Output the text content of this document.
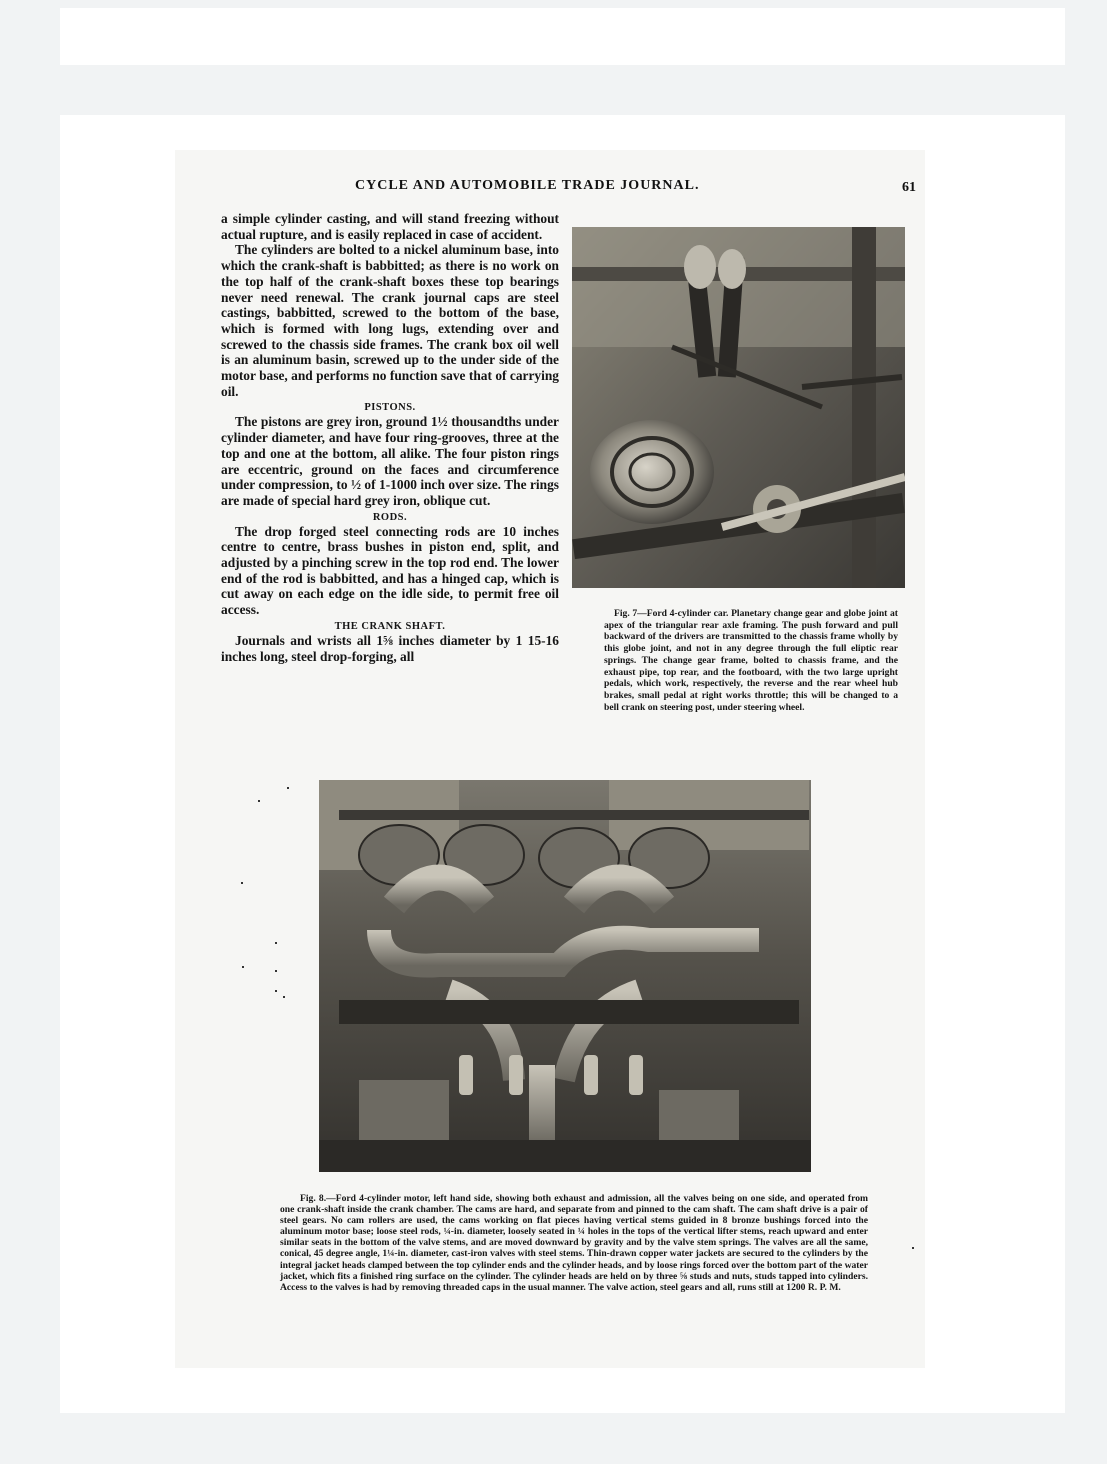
CYCLE AND AUTOMOBILE TRADE JOURNAL.	61

a simple cylinder casting, and will stand freezing without actual rupture, and is easily replaced in case of accident.

The cylinders are bolted to a nickel aluminum base, into which the crank-shaft is babbitted; as there is no work on the top half of the crank-shaft boxes these top bearings never need renewal. The crank journal caps are steel castings, babbitted, screwed to the bottom of the base, which is formed with long lugs, extending over and screwed to the chassis side frames. The crank box oil well is an aluminum basin, screwed up to the under side of the motor base, and performs no function save that of carrying oil.

PISTONS.

The pistons are grey iron, ground 1½ thousandths under cylinder diameter, and have four ring-grooves, three at the top and one at the bottom, all alike. The four piston rings are eccentric, ground on the faces and circumference under compression, to ½ of 1-1000 inch over size. The rings are made of special hard grey iron, oblique cut.

RODS.

The drop forged steel connecting rods are 10 inches centre to centre, brass bushes in piston end, split, and adjusted by a pinching screw in the top rod end. The lower end of the rod is babbitted, and has a hinged cap, which is cut away on each edge on the idle side, to permit free oil access.

THE CRANK SHAFT.

Journals and wrists all 1⅝ inches diameter by 1 15-16 inches long, steel drop-forging, all

Fig. 7—Ford 4-cylinder car. Planetary change gear and globe joint at apex of the triangular rear axle framing. The push forward and pull backward of the drivers are transmitted to the chassis frame wholly by this globe joint, and not in any degree through the full eliptic rear springs. The change gear frame, bolted to chassis frame, and the exhaust pipe, top rear, and the footboard, with the two large upright pedals, which work, respectively, the reverse and the rear wheel hub brakes, small pedal at right works throttle; this will be changed to a bell crank on steering post, under steering wheel.
Fig. 8.—Ford 4-cylinder motor, left hand side, showing both exhaust and admission, all the valves being on one side, and operated from one crank-shaft inside the crank chamber. The cams are hard, and separate from and pinned to the cam shaft. The cam shaft drive is a pair of steel gears. No cam rollers are used, the cams working on flat pieces having vertical stems guided in 8 bronze bushings forced into the aluminum motor base; loose steel rods, ¼-in. diameter, loosely seated in ¼ holes in the tops of the vertical lifter stems, reach upward and enter similar seats in the bottom of the valve stems, and are moved downward by gravity and by the valve stem springs. The valves are all the same, conical, 45 degree angle, 1¼-in. diameter, cast-iron valves with steel stems. Thin-drawn copper water jackets are secured to the cylinders by the integral jacket heads clamped between the top cylinder ends and the cylinder heads, and by loose rings forced over the bottom part of the water jacket, which fits a finished ring surface on the cylinder. The cylinder heads are held on by three ⅝ studs and nuts, studs tapped into cylinders. Access to the valves is had by removing threaded caps in the usual manner. The valve action, steel gears and all, runs still at 1200 R. P. M.
